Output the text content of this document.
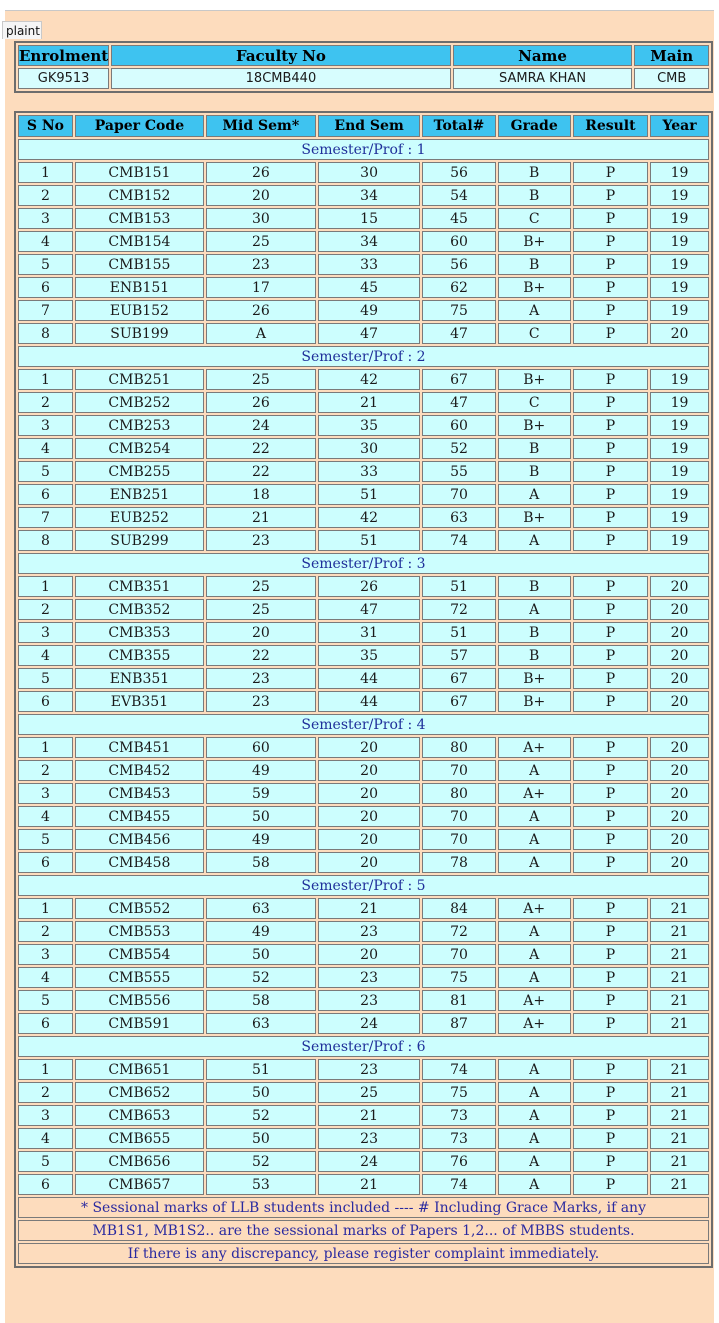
plaint
Enrolment	Faculty No	Name	Main
GK9513	18CMB440	SAMRA KHAN	CMB
S No	Paper Code	Mid Sem*	End Sem	Total#	Grade	Result	Year
Semester/Prof : 1							
1	CMB151	26	30	56	B	P	19
2	CMB152	20	34	54	B	P	19
3	CMB153	30	15	45	C	P	19
4	CMB154	25	34	60	B+	P	19
5	CMB155	23	33	56	B	P	19
6	ENB151	17	45	62	B+	P	19
7	EUB152	26	49	75	A	P	19
8	SUB199	A	47	47	C	P	20
Semester/Prof : 2							
1	CMB251	25	42	67	B+	P	19
2	CMB252	26	21	47	C	P	19
3	CMB253	24	35	60	B+	P	19
4	CMB254	22	30	52	B	P	19
5	CMB255	22	33	55	B	P	19
6	ENB251	18	51	70	A	P	19
7	EUB252	21	42	63	B+	P	19
8	SUB299	23	51	74	A	P	19
Semester/Prof : 3							
1	CMB351	25	26	51	B	P	20
2	CMB352	25	47	72	A	P	20
3	CMB353	20	31	51	B	P	20
4	CMB355	22	35	57	B	P	20
5	ENB351	23	44	67	B+	P	20
6	EVB351	23	44	67	B+	P	20
Semester/Prof : 4							
1	CMB451	60	20	80	A+	P	20
2	CMB452	49	20	70	A	P	20
3	CMB453	59	20	80	A+	P	20
4	CMB455	50	20	70	A	P	20
5	CMB456	49	20	70	A	P	20
6	CMB458	58	20	78	A	P	20
Semester/Prof : 5							
1	CMB552	63	21	84	A+	P	21
2	CMB553	49	23	72	A	P	21
3	CMB554	50	20	70	A	P	21
4	CMB555	52	23	75	A	P	21
5	CMB556	58	23	81	A+	P	21
6	CMB591	63	24	87	A+	P	21
Semester/Prof : 6							
1	CMB651	51	23	74	A	P	21
2	CMB652	50	25	75	A	P	21
3	CMB653	52	21	73	A	P	21
4	CMB655	50	23	73	A	P	21
5	CMB656	52	24	76	A	P	21
6	CMB657	53	21	74	A	P	21
* Sessional marks of LLB students included ---- # Including Grace Marks, if any							
MB1S1, MB1S2.. are the sessional marks of Papers 1,2... of MBBS students.							
If there is any discrepancy, please register complaint immediately.							
